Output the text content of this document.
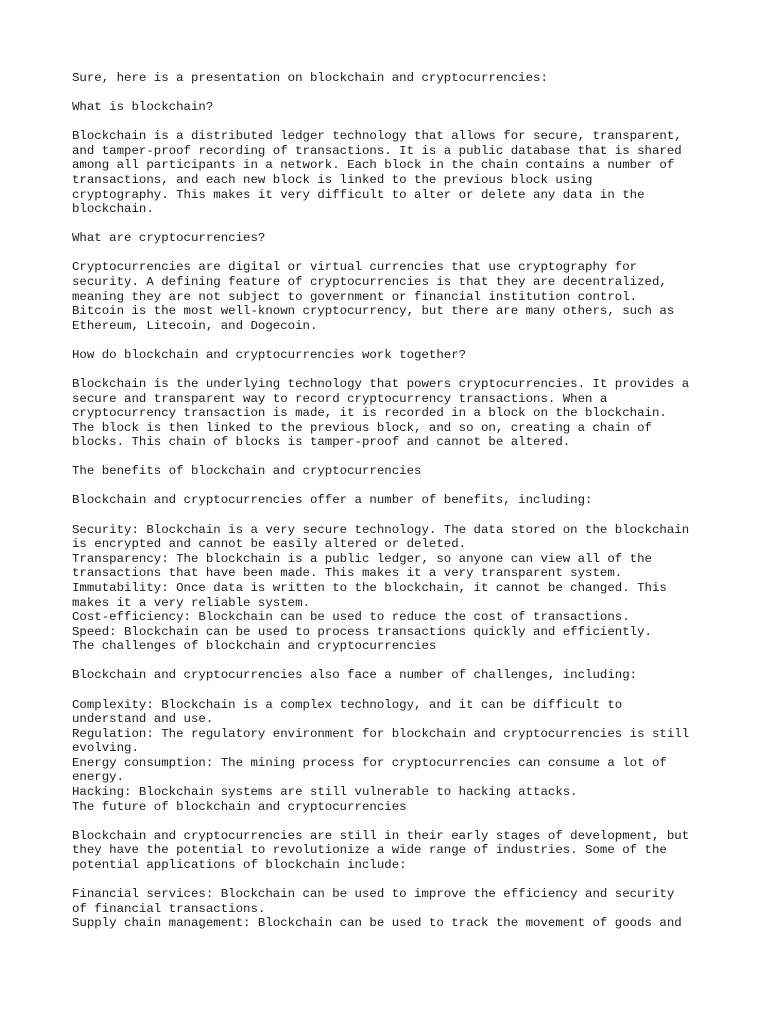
Sure, here is a presentation on blockchain and cryptocurrencies:
What is blockchain?
Blockchain is a distributed ledger technology that allows for secure, transparent,
and tamper-proof recording of transactions. It is a public database that is shared
among all participants in a network. Each block in the chain contains a number of
transactions, and each new block is linked to the previous block using
cryptography. This makes it very difficult to alter or delete any data in the
blockchain.
What are cryptocurrencies?
Cryptocurrencies are digital or virtual currencies that use cryptography for
security. A defining feature of cryptocurrencies is that they are decentralized,
meaning they are not subject to government or financial institution control.
Bitcoin is the most well-known cryptocurrency, but there are many others, such as
Ethereum, Litecoin, and Dogecoin.
How do blockchain and cryptocurrencies work together?
Blockchain is the underlying technology that powers cryptocurrencies. It provides a
secure and transparent way to record cryptocurrency transactions. When a
cryptocurrency transaction is made, it is recorded in a block on the blockchain.
The block is then linked to the previous block, and so on, creating a chain of
blocks. This chain of blocks is tamper-proof and cannot be altered.
The benefits of blockchain and cryptocurrencies
Blockchain and cryptocurrencies offer a number of benefits, including:
Security: Blockchain is a very secure technology. The data stored on the blockchain
is encrypted and cannot be easily altered or deleted.
Transparency: The blockchain is a public ledger, so anyone can view all of the
transactions that have been made. This makes it a very transparent system.
Immutability: Once data is written to the blockchain, it cannot be changed. This
makes it a very reliable system.
Cost-efficiency: Blockchain can be used to reduce the cost of transactions.
Speed: Blockchain can be used to process transactions quickly and efficiently.
The challenges of blockchain and cryptocurrencies
Blockchain and cryptocurrencies also face a number of challenges, including:
Complexity: Blockchain is a complex technology, and it can be difficult to
understand and use.
Regulation: The regulatory environment for blockchain and cryptocurrencies is still
evolving.
Energy consumption: The mining process for cryptocurrencies can consume a lot of
energy.
Hacking: Blockchain systems are still vulnerable to hacking attacks.
The future of blockchain and cryptocurrencies
Blockchain and cryptocurrencies are still in their early stages of development, but
they have the potential to revolutionize a wide range of industries. Some of the
potential applications of blockchain include:
Financial services: Blockchain can be used to improve the efficiency and security
of financial transactions.
Supply chain management: Blockchain can be used to track the movement of goods and
